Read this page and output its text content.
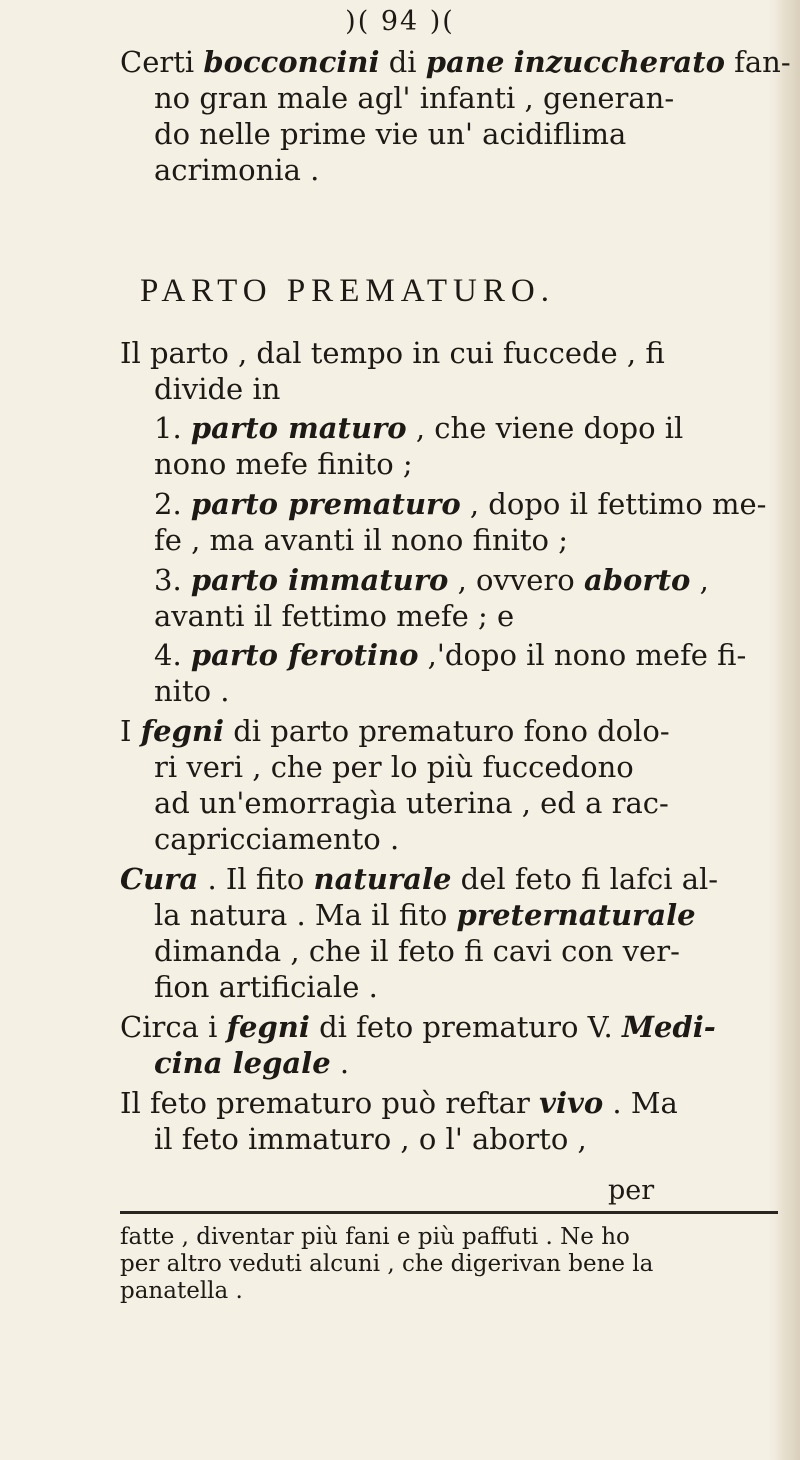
)( 94 )(
Certi bocconcini di pane inzuccherato fan-
no gran male agl' infanti , generan-
do nelle prime vie un' acidiflima
acrimonia .
PARTO PREMATURO.
Il parto , dal tempo in cui fuccede , fi
divide in
1. parto maturo , che viene dopo il
nono mefe finito ;
2. parto prematuro , dopo il fettimo me-
fe , ma avanti il nono finito ;
3. parto immaturo , ovvero aborto ,
avanti il fettimo mefe ; e
4. parto ferotino ,'dopo il nono mefe fi-
nito .
I fegni di parto prematuro fono dolo-
ri veri , che per lo più fuccedono
ad un'emorragìa uterina , ed a rac-
capricciamento .
Cura . Il fito naturale del feto fi lafci al-
la natura . Ma il fito preternaturale
dimanda , che il feto fi cavi con ver-
fion artificiale .
Circa i fegni di feto prematuro V. Medi-
cina legale .
Il feto prematuro può reftar vivo . Ma
il feto immaturo , o l' aborto ,
per
fatte , diventar più fani e più paffuti . Ne ho
per altro veduti alcuni , che digerivan bene la
panatella .
